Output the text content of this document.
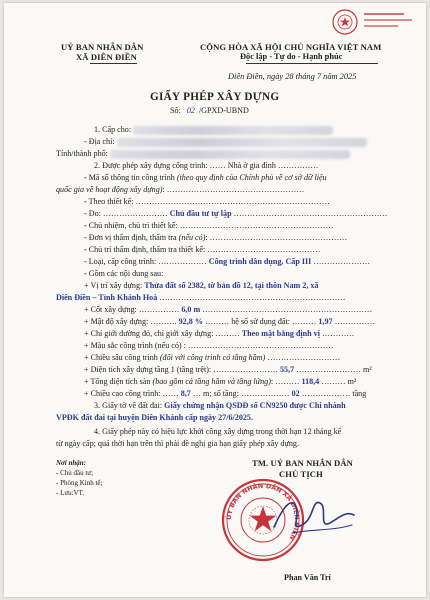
UỶ BAN NHÂN DÂN
XÃ DIÊN ĐIỀN
CỘNG HÒA XÃ HỘI CHỦ NGHĨA VIỆT NAM
Độc lập - Tự do - Hạnh phúc
Diên Điền, ngày 28 tháng 7 năm 2025
GIẤY PHÉP XÂY DỰNG
Số: 02 /GPXD-UBND
1. Cấp cho:
- Địa chỉ:
Tỉnh/thành phố:
2. Được phép xây dựng công trình: …… Nhà ở gia đình ……………
- Mã số thông tin công trình (theo quy định của Chính phủ về cơ sở dữ liệu
quốc gia về hoạt động xây dựng): ……………………………………………
- Theo thiết kế: ………………………………………………………………
- Do: …………………… Chủ đầu tư tự lập …………………………………………………
- Chủ nhiệm, chủ trì thiết kế: …………………………………………………
- Đơn vị thẩm định, thẩm tra (nếu có): ……………………………………………
- Chủ trì thẩm định, thẩm tra thiết kế: ……………………………………
- Loại, cấp công trình: ……………… Công trình dân dụng, Cấp III …………………
- Gồm các nội dung sau:
+ Vị trí xây dựng: Thửa đất số 2382, tờ bản đồ 12, tại thôn Nam 2, xã
Diên Điền – Tỉnh Khánh Hoà ……………………………………………………………
+ Cốt xây dựng: …………… 6,0 m ………………………………………………………
+ Mật độ xây dựng: ………. 92,8 % ……… hệ số sử dụng đất: ……… 1,97 ……………
+ Chỉ giới đường đỏ, chỉ giới xây dựng: ……… Theo mặt bằng định vị …………
+ Màu sắc công trình (nếu có) : ………………………………………………
+ Chiều sâu công trình (đối với công trình có tầng hầm) ………………………
+ Diện tích xây dựng tầng 1 (tầng trệt): …………………… 55,7 …………………… m²
+ Tổng diện tích sàn (bao gồm cả tầng hầm và tầng lửng): ……… 118,4 ……… m²
+ Chiều cao công trình: …… 8,7 … m; số tầng: ……………… 02 ……………… tầng
3. Giấy tờ về đất đai: Giấy chứng nhận QSDĐ số CN9250 được Chi nhánh
VPĐK đất đai tại huyện Diên Khánh cấp ngày 27/6/2025.
4. Giấy phép này có hiệu lực khởi công xây dựng trong thời hạn 12 tháng kể
từ ngày cấp; quá thời hạn trên thì phải đề nghị gia hạn giấy phép xây dựng.
Nơi nhận:
- Chủ đầu tư;
- Phòng Kinh tế;
- Lưu:VT.
TM. UỶ BAN NHÂN DÂN
CHỦ TỊCH
ỦY BAN NHÂN DÂN XÃ DIÊN ĐIỀN
Phan Văn Trí
